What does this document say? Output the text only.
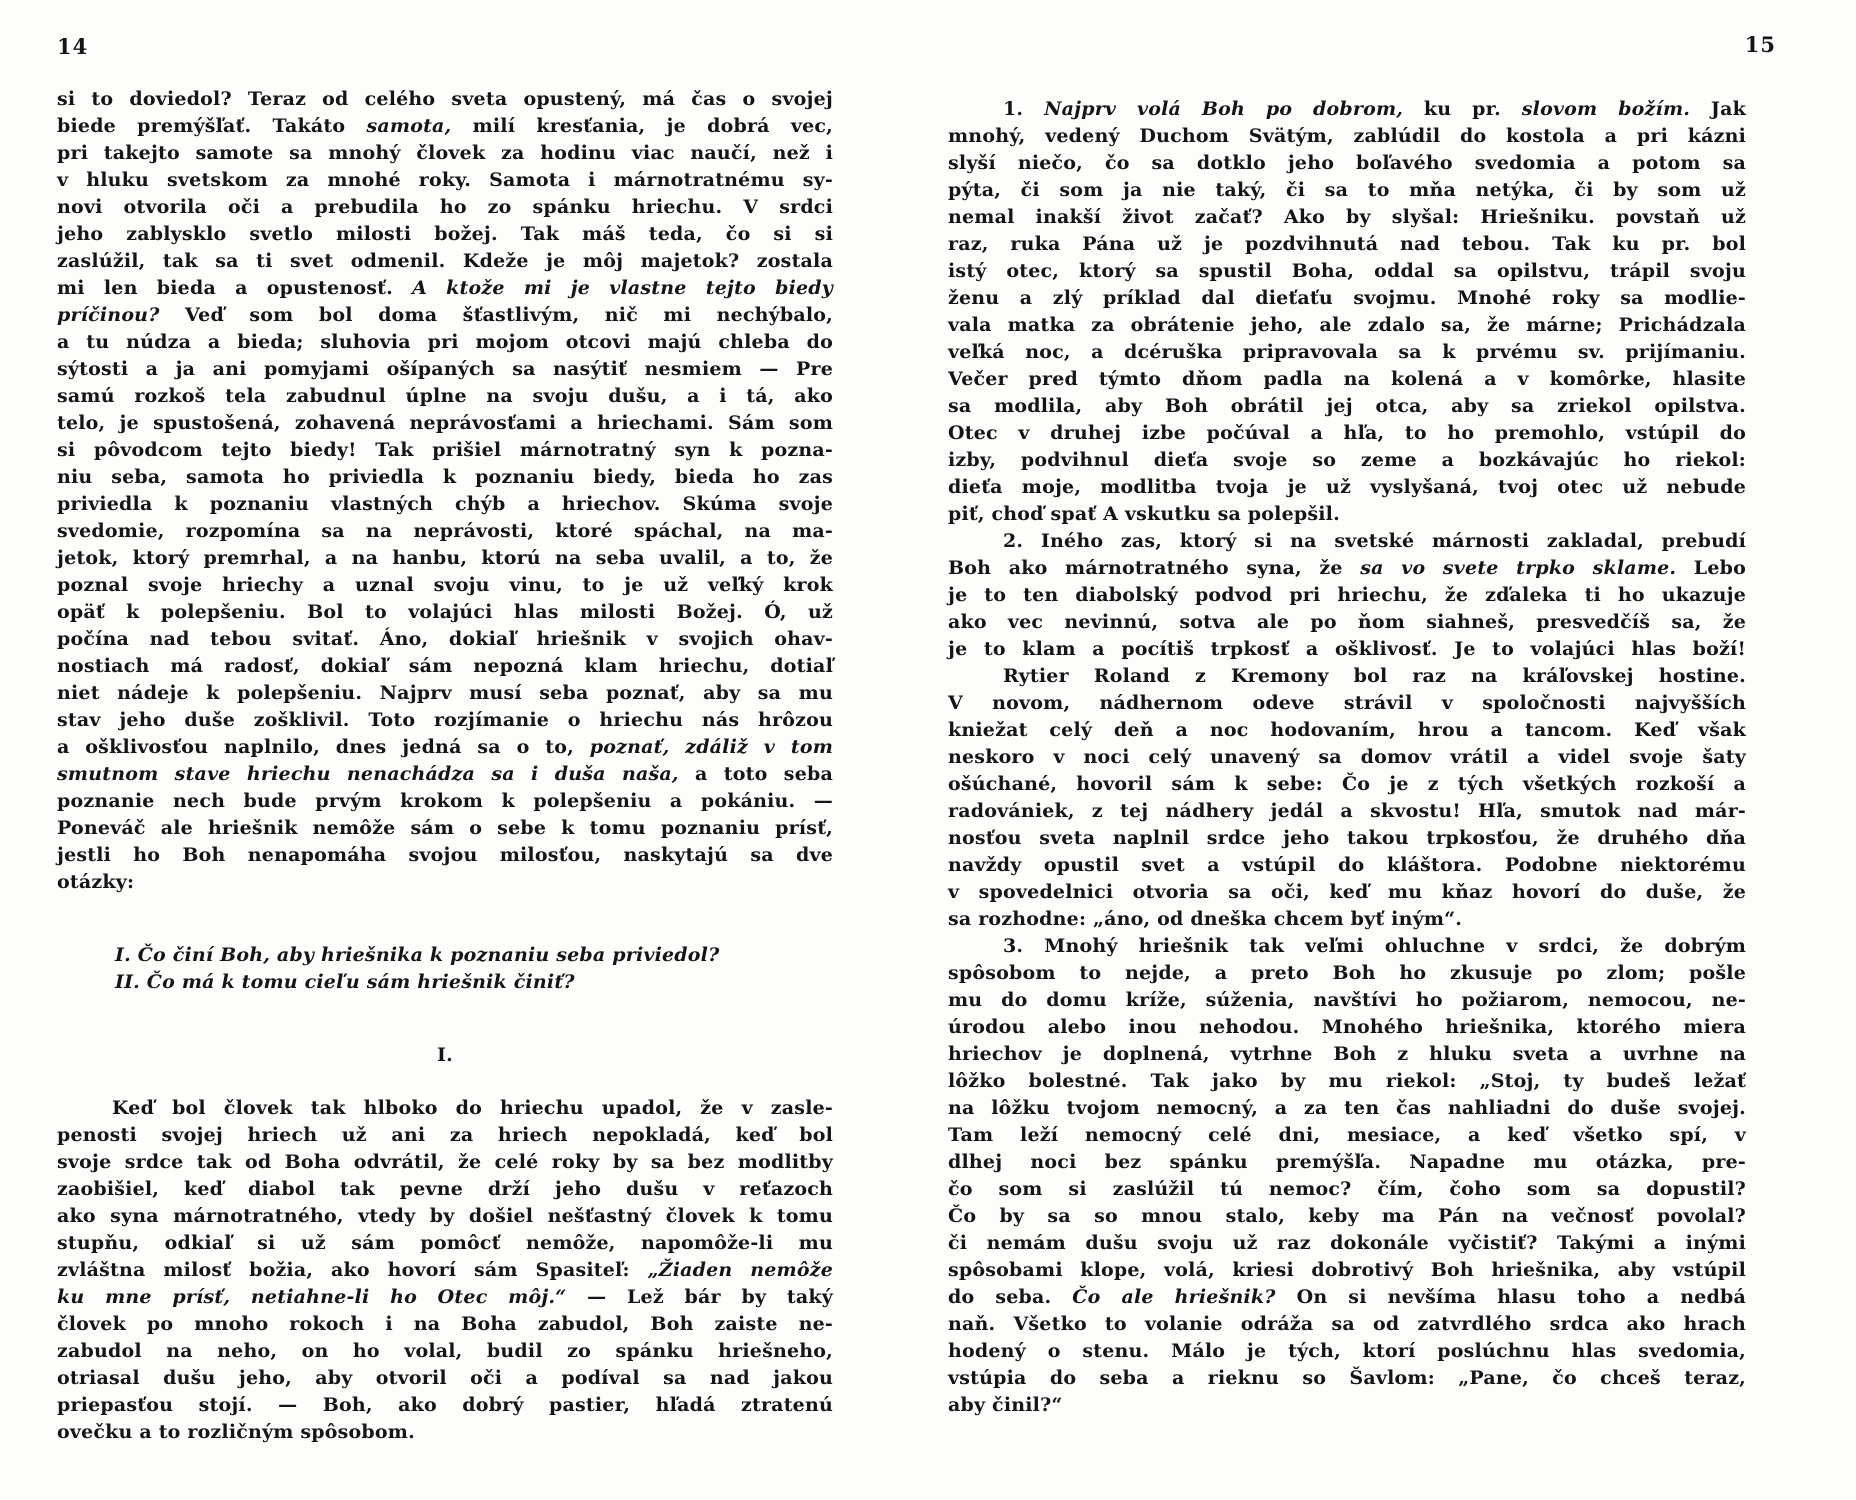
14
si to doviedol? Teraz od celého sveta opustený, má čas o svojej
biede premýšľať. Takáto samota, milí kresťania, je dobrá vec,
pri takejto samote sa mnohý človek za hodinu viac naučí, než i
v hluku svetskom za mnohé roky. Samota i márnotratnému sy-
novi otvorila oči a prebudila ho zo spánku hriechu. V srdci
jeho zablysklo svetlo milosti božej. Tak máš teda, čo si si
zaslúžil, tak sa ti svet odmenil. Kdeže je môj majetok? zostala
mi len bieda a opustenosť. A ktože mi je vlastne tejto biedy
príčinou? Veď som bol doma šťastlivým, nič mi nechýbalo,
a tu núdza a bieda; sluhovia pri mojom otcovi majú chleba do
sýtosti a ja ani pomyjami ošípaných sa nasýtiť nesmiem — Pre
samú rozkoš tela zabudnul úplne na svoju dušu, a i tá, ako
telo, je spustošená, zohavená neprávosťami a hriechami. Sám som
si pôvodcom tejto biedy! Tak prišiel márnotratný syn k pozna-
niu seba, samota ho priviedla k poznaniu biedy, bieda ho zas
priviedla k poznaniu vlastných chýb a hriechov. Skúma svoje
svedomie, rozpomína sa na neprávosti, ktoré spáchal, na ma-
jetok, ktorý premrhal, a na hanbu, ktorú na seba uvalil, a to, že
poznal svoje hriechy a uznal svoju vinu, to je už veľký krok
opäť k polepšeniu. Bol to volajúci hlas milosti Božej. Ó, už
počína nad tebou svitať. Áno, dokiaľ hriešnik v svojich ohav-
nostiach má radosť, dokiaľ sám nepozná klam hriechu, dotiaľ
niet nádeje k polepšeniu. Najprv musí seba poznať, aby sa mu
stav jeho duše zošklivil. Toto rozjímanie o hriechu nás hrôzou
a ošklivosťou naplnilo, dnes jedná sa o to, poznať, zdáliž v tom
smutnom stave hriechu nenachádza sa i duša naša, a toto seba
poznanie nech bude prvým krokom k polepšeniu a pokániu. —
Poneváč ale hriešnik nemôže sám o sebe k tomu poznaniu prísť,
jestli ho Boh nenapomáha svojou milosťou, naskytajú sa dve
otázky:
I. Čo činí Boh, aby hriešnika k poznaniu seba priviedol?
II. Čo má k tomu cieľu sám hriešnik činiť?
I.
Keď bol človek tak hlboko do hriechu upadol, že v zasle-
penosti svojej hriech už ani za hriech nepokladá, keď bol
svoje srdce tak od Boha odvrátil, že celé roky by sa bez modlitby
zaobišiel, keď diabol tak pevne drží jeho dušu v reťazoch
ako syna márnotratného, vtedy by došiel nešťastný človek k tomu
stupňu, odkiaľ si už sám pomôcť nemôže, napomôže-li mu
zvláštna milosť božia, ako hovorí sám Spasiteľ: „Žiaden nemôže
ku mne prísť, netiahne-li ho Otec môj.“ — Lež bár by taký
človek po mnoho rokoch i na Boha zabudol, Boh zaiste ne-
zabudol na neho, on ho volal, budil zo spánku hriešneho,
otriasal dušu jeho, aby otvoril oči a podíval sa nad jakou
priepasťou stojí. — Boh, ako dobrý pastier, hľadá ztratenú
ovečku a to rozličným spôsobom.
15
1. Najprv volá Boh po dobrom, ku pr. slovom božím. Jak
mnohý, vedený Duchom Svätým, zablúdil do kostola a pri kázni
slyší niečo, čo sa dotklo jeho boľavého svedomia a potom sa
pýta, či som ja nie taký, či sa to mňa netýka, či by som už
nemal inakší život začať? Ako by slyšal: Hriešniku. povstaň už
raz, ruka Pána už je pozdvihnutá nad tebou. Tak ku pr. bol
istý otec, ktorý sa spustil Boha, oddal sa opilstvu, trápil svoju
ženu a zlý príklad dal dieťaťu svojmu. Mnohé roky sa modlie-
vala matka za obrátenie jeho, ale zdalo sa, že márne; Prichádzala
veľká noc, a dcéruška pripravovala sa k prvému sv. prijímaniu.
Večer pred týmto dňom padla na kolená a v komôrke, hlasite
sa modlila, aby Boh obrátil jej otca, aby sa zriekol opilstva.
Otec v druhej izbe počúval a hľa, to ho premohlo, vstúpil do
izby, podvihnul dieťa svoje so zeme a bozkávajúc ho riekol:
dieťa moje, modlitba tvoja je už vyslyšaná, tvoj otec už nebude
piť, choď spať A vskutku sa polepšil.
2. Iného zas, ktorý si na svetské márnosti zakladal, prebudí
Boh ako márnotratného syna, že sa vo svete trpko sklame. Lebo
je to ten diabolský podvod pri hriechu, že zďaleka ti ho ukazuje
ako vec nevinnú, sotva ale po ňom siahneš, presvedčíš sa, že
je to klam a pocítiš trpkosť a ošklivosť. Je to volajúci hlas boží!
Rytier Roland z Kremony bol raz na kráľovskej hostine.
V novom, nádhernom odeve strávil v spoločnosti najvyšších
kniežat celý deň a noc hodovaním, hrou a tancom. Keď však
neskoro v noci celý unavený sa domov vrátil a videl svoje šaty
ošúchané, hovoril sám k sebe: Čo je z tých všetkých rozkoší a
radovániek, z tej nádhery jedál a skvostu! Hľa, smutok nad már-
nosťou sveta naplnil srdce jeho takou trpkosťou, že druhého dňa
navždy opustil svet a vstúpil do kláštora. Podobne niektorému
v spovedelnici otvoria sa oči, keď mu kňaz hovorí do duše, že
sa rozhodne: „áno, od dneška chcem byť iným“.
3. Mnohý hriešnik tak veľmi ohluchne v srdci, že dobrým
spôsobom to nejde, a preto Boh ho zkusuje po zlom; pošle
mu do domu kríže, súženia, navštívi ho požiarom, nemocou, ne-
úrodou alebo inou nehodou. Mnohého hriešnika, ktorého miera
hriechov je doplnená, vytrhne Boh z hluku sveta a uvrhne na
lôžko bolestné. Tak jako by mu riekol: „Stoj, ty budeš ležať
na lôžku tvojom nemocný, a za ten čas nahliadni do duše svojej.
Tam leží nemocný celé dni, mesiace, a keď všetko spí, v
dlhej noci bez spánku premýšľa. Napadne mu otázka, pre-
čo som si zaslúžil tú nemoc? čím, čoho som sa dopustil?
Čo by sa so mnou stalo, keby ma Pán na večnosť povolal?
či nemám dušu svoju už raz dokonále vyčistiť? Takými a inými
spôsobami klope, volá, kriesi dobrotivý Boh hriešnika, aby vstúpil
do seba. Čo ale hriešnik? On si nevšíma hlasu toho a nedbá
naň. Všetko to volanie odráža sa od zatvrdlého srdca ako hrach
hodený o stenu. Málo je tých, ktorí poslúchnu hlas svedomia,
vstúpia do seba a rieknu so Šavlom: „Pane, čo chceš teraz,
aby činil?“
